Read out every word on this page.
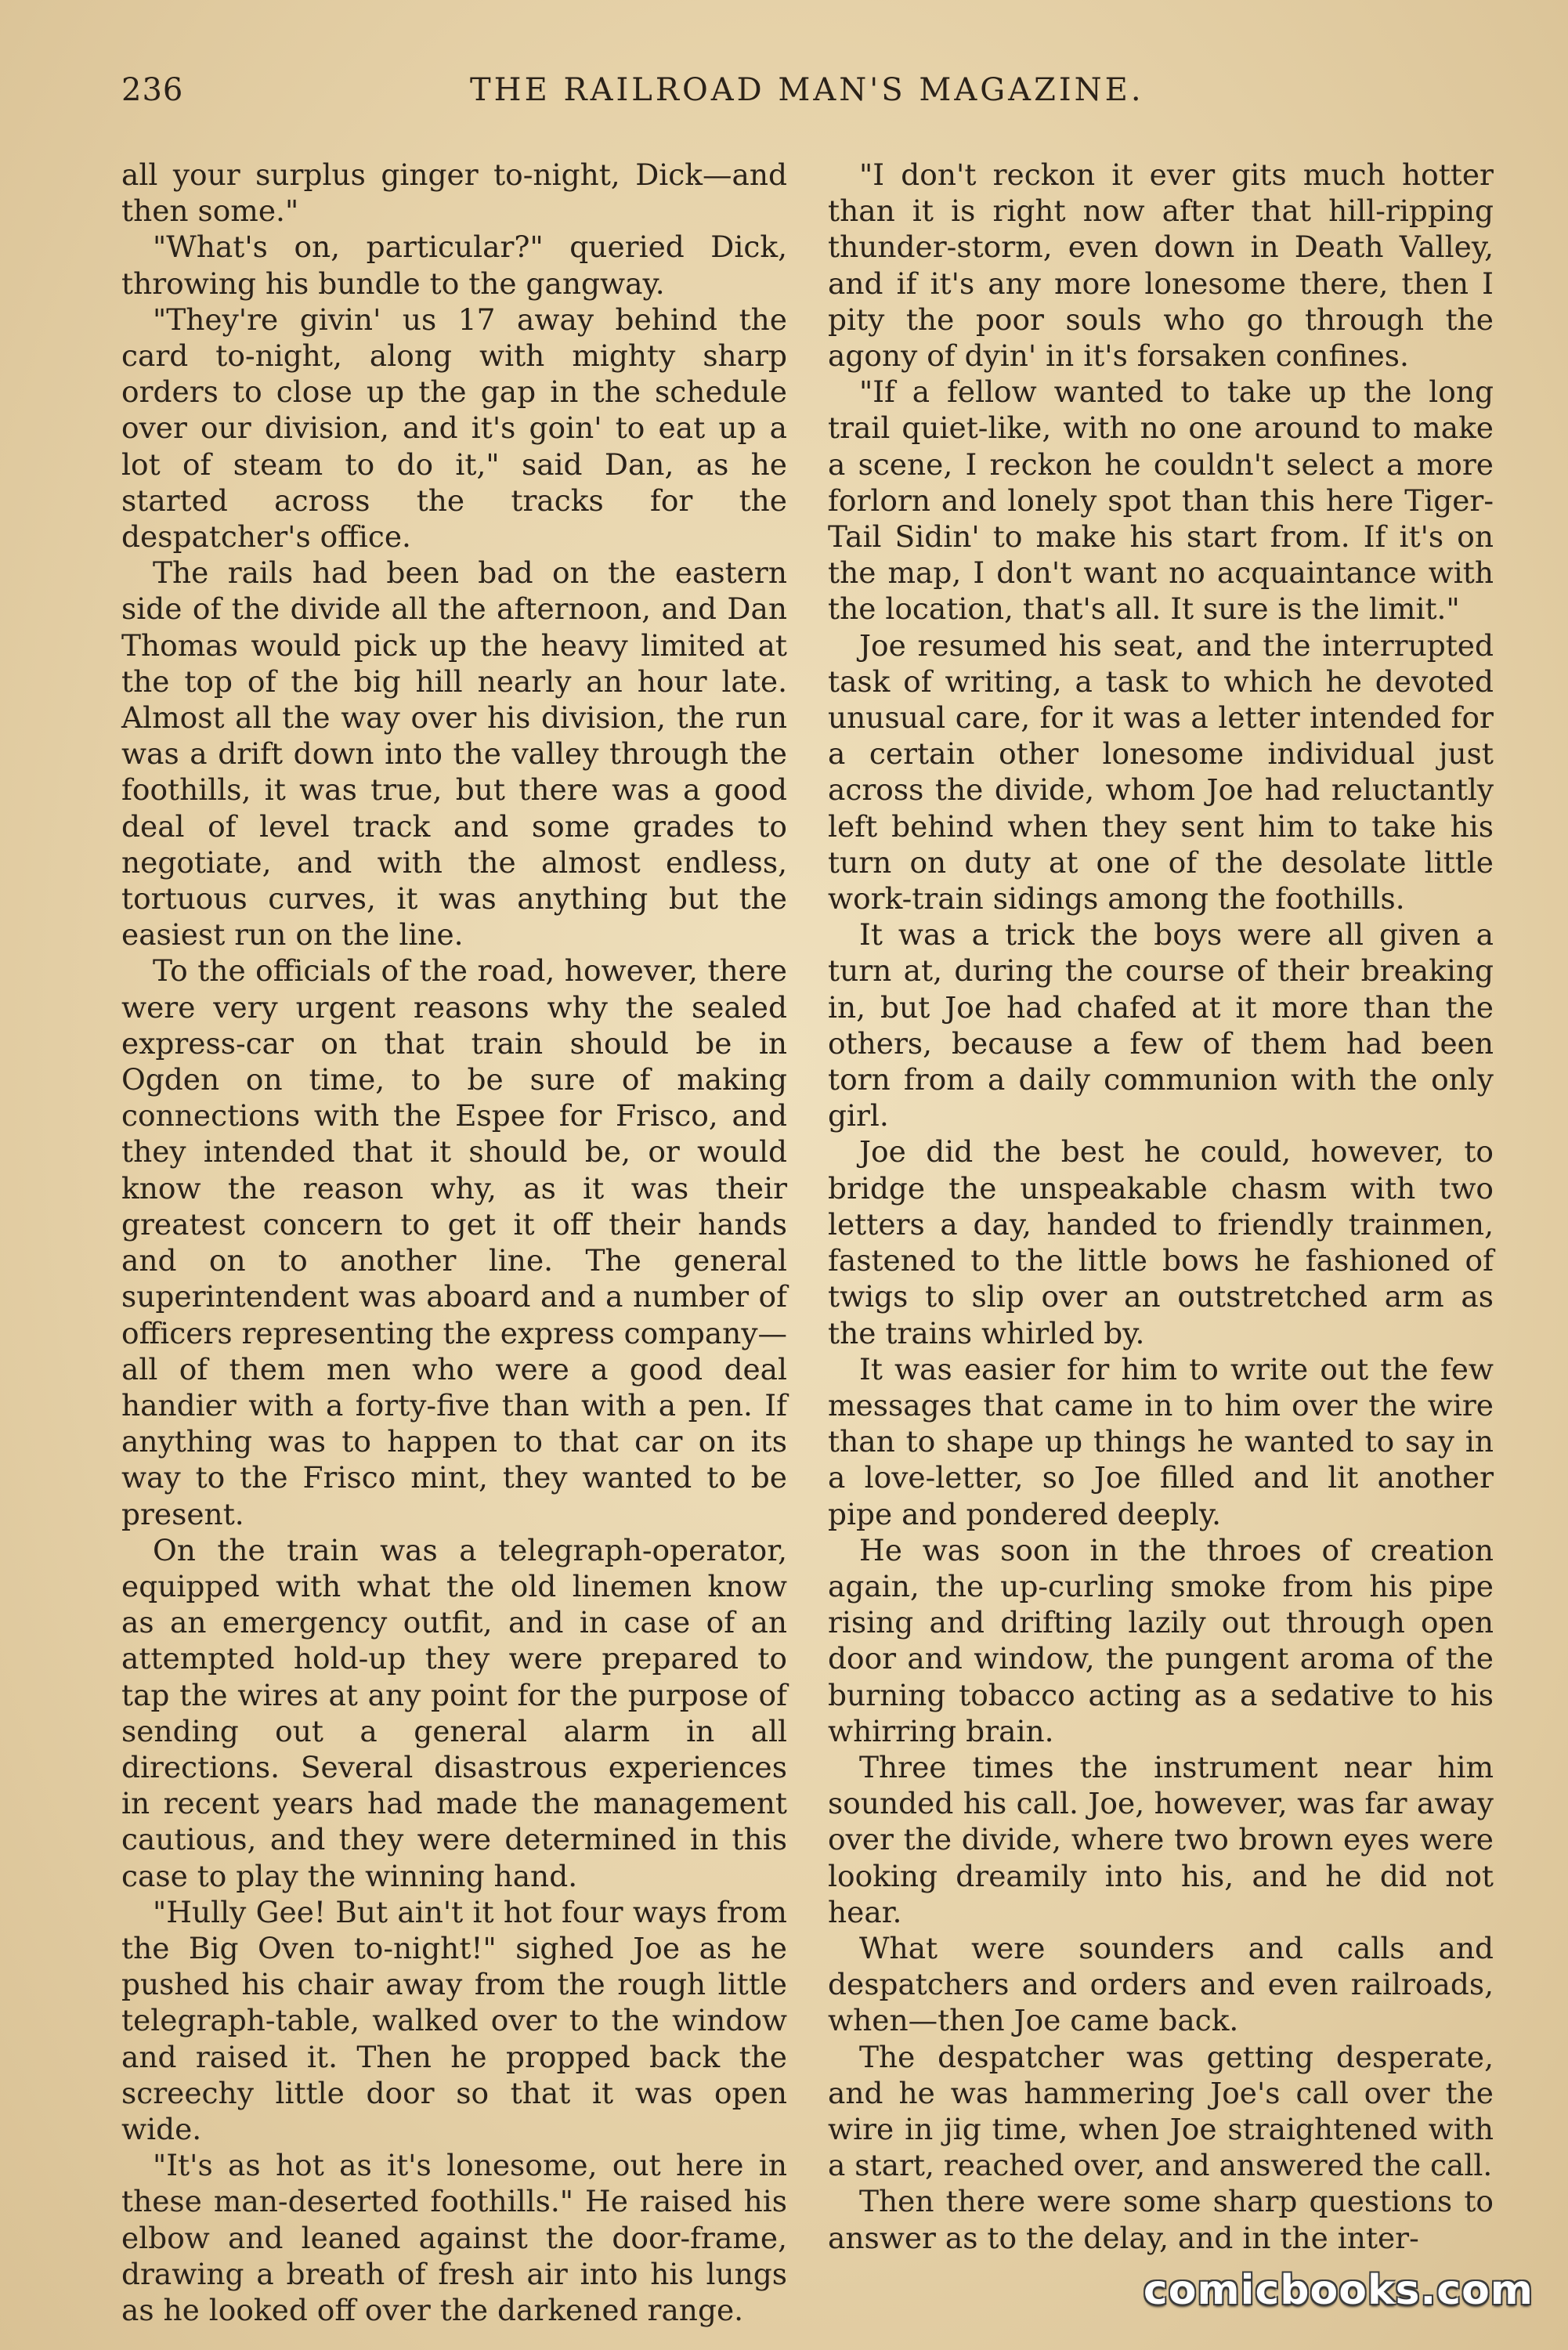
236	THE RAILROAD MAN'S MAGAZINE.

all your surplus ginger to-night, Dick—and then some."

"What's on, particular?" queried Dick, throwing his bundle to the gangway.

"They're givin' us 17 away behind the card to-night, along with mighty sharp orders to close up the gap in the schedule over our division, and it's goin' to eat up a lot of steam to do it," said Dan, as he started across the tracks for the despatcher's office.

The rails had been bad on the eastern side of the divide all the afternoon, and Dan Thomas would pick up the heavy limited at the top of the big hill nearly an hour late. Almost all the way over his division, the run was a drift down into the valley through the foothills, it was true, but there was a good deal of level track and some grades to negotiate, and with the almost endless, tortuous curves, it was anything but the easiest run on the line.

To the officials of the road, however, there were very urgent reasons why the sealed express-car on that train should be in Ogden on time, to be sure of making connections with the Espee for Frisco, and they intended that it should be, or would know the reason why, as it was their greatest concern to get it off their hands and on to another line. The general superintendent was aboard and a number of officers representing the express company—all of them men who were a good deal handier with a forty-five than with a pen. If anything was to happen to that car on its way to the Frisco mint, they wanted to be present.

On the train was a telegraph-operator, equipped with what the old linemen know as an emergency outfit, and in case of an attempted hold-up they were prepared to tap the wires at any point for the purpose of sending out a general alarm in all directions. Several disastrous experiences in recent years had made the management cautious, and they were determined in this case to play the winning hand.

"Hully Gee! But ain't it hot four ways from the Big Oven to-night!" sighed Joe as he pushed his chair away from the rough little telegraph-table, walked over to the window and raised it. Then he propped back the screechy little door so that it was open wide.

"It's as hot as it's lonesome, out here in these man-deserted foothills." He raised his elbow and leaned against the door-frame, drawing a breath of fresh air into his lungs as he looked off over the darkened range.

"I don't reckon it ever gits much hotter than it is right now after that hill-ripping thunder-storm, even down in Death Valley, and if it's any more lonesome there, then I pity the poor souls who go through the agony of dyin' in it's forsaken confines.

"If a fellow wanted to take up the long trail quiet-like, with no one around to make a scene, I reckon he couldn't select a more forlorn and lonely spot than this here Tiger-Tail Sidin' to make his start from. If it's on the map, I don't want no acquaintance with the location, that's all. It sure is the limit."

Joe resumed his seat, and the interrupted task of writing, a task to which he devoted unusual care, for it was a letter intended for a certain other lonesome individual just across the divide, whom Joe had reluctantly left behind when they sent him to take his turn on duty at one of the desolate little work-train sidings among the foothills.

It was a trick the boys were all given a turn at, during the course of their breaking in, but Joe had chafed at it more than the others, because a few of them had been torn from a daily communion with the only girl.

Joe did the best he could, however, to bridge the unspeakable chasm with two letters a day, handed to friendly trainmen, fastened to the little bows he fashioned of twigs to slip over an outstretched arm as the trains whirled by.

It was easier for him to write out the few messages that came in to him over the wire than to shape up things he wanted to say in a love-letter, so Joe filled and lit another pipe and pondered deeply.

He was soon in the throes of creation again, the up-curling smoke from his pipe rising and drifting lazily out through open door and window, the pungent aroma of the burning tobacco acting as a sedative to his whirring brain.

Three times the instrument near him sounded his call. Joe, however, was far away over the divide, where two brown eyes were looking dreamily into his, and he did not hear.

What were sounders and calls and despatchers and orders and even railroads, when—then Joe came back.

The despatcher was getting desperate, and he was hammering Joe's call over the wire in jig time, when Joe straightened with a start, reached over, and answered the call.

Then there were some sharp questions to answer as to the delay, and in the inter-

comicbooks.com
